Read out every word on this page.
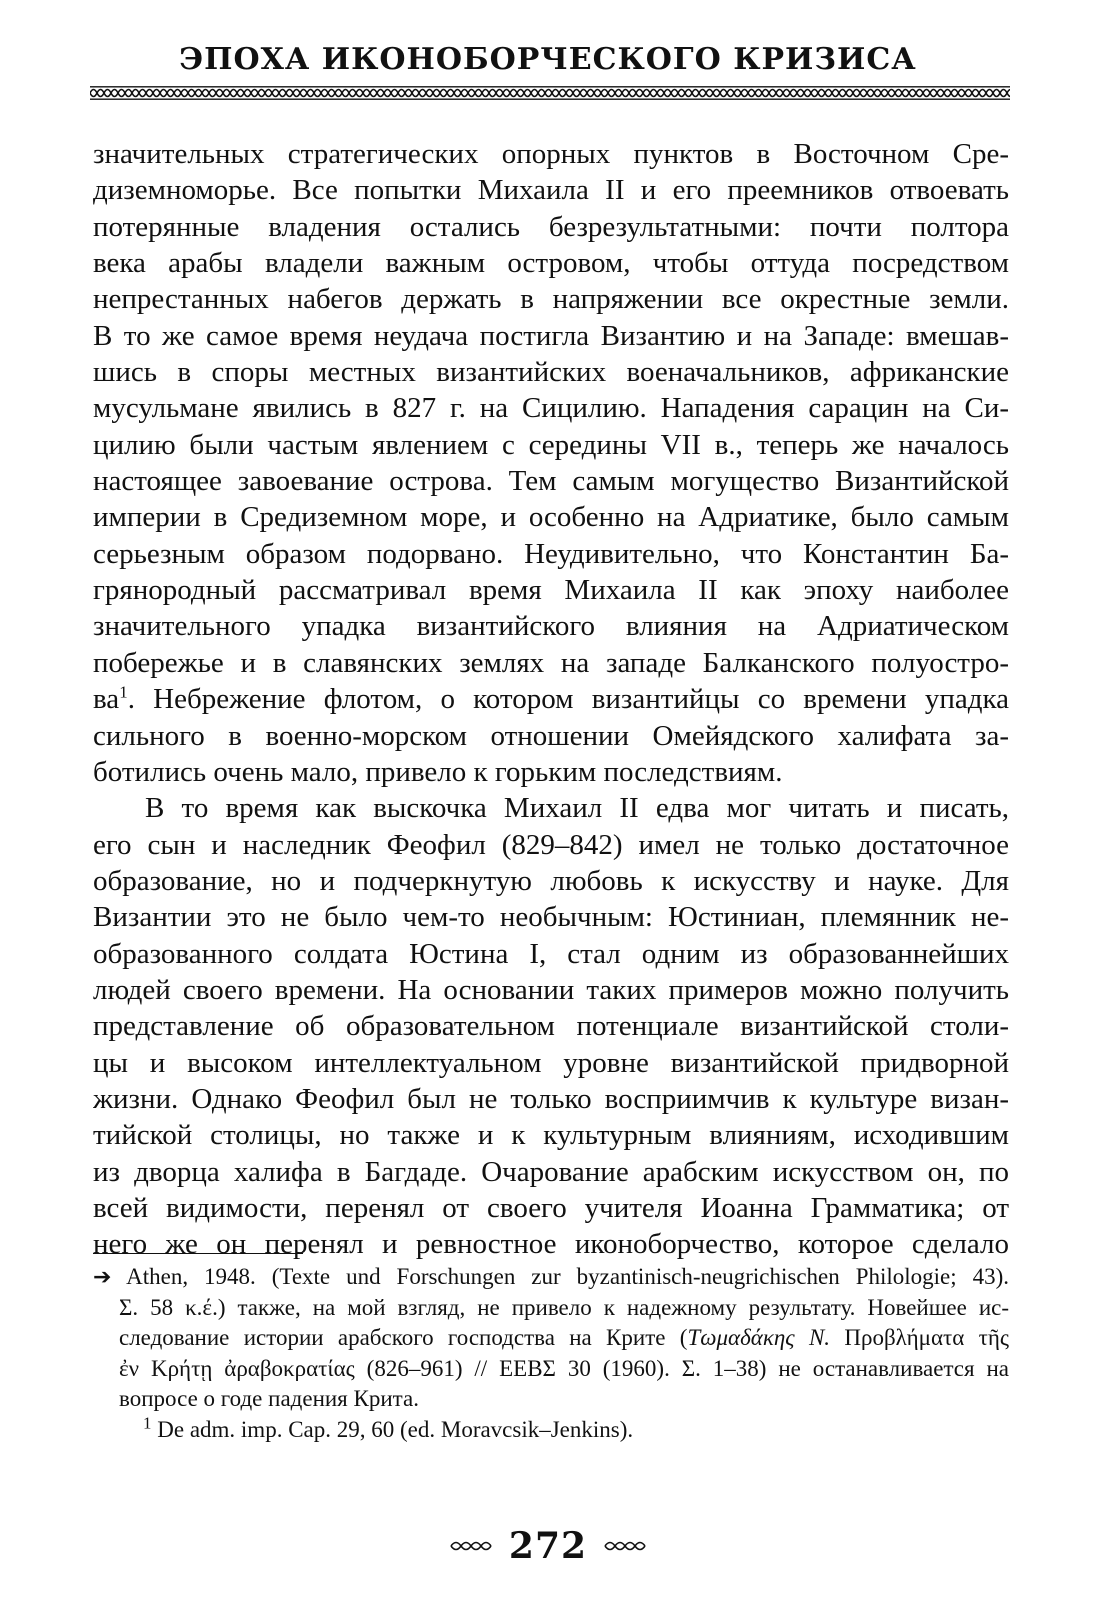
ЭПОХА ИКОНОБОРЧЕСКОГО КРИЗИСА
значительных стратегических опорных пунктов в Восточном Сре-
диземноморье. Все попытки Михаила II и его преемников отвоевать
потерянные владения остались безрезультатными: почти полтора
века арабы владели важным островом, чтобы оттуда посредством
непрестанных набегов держать в напряжении все окрестные земли.
В то же самое время неудача постигла Византию и на Западе: вмешав-
шись в споры местных византийских военачальников, африканские
мусульмане явились в 827 г. на Сицилию. Нападения сарацин на Си-
цилию были частым явлением с середины VII в., теперь же началось
настоящее завоевание острова. Тем самым могущество Византийской
империи в Средиземном море, и особенно на Адриатике, было самым
серьезным образом подорвано. Неудивительно, что Константин Ба-
грянородный рассматривал время Михаила II как эпоху наиболее
значительного упадка византийского влияния на Адриатическом
побережье и в славянских землях на западе Балканского полуостро-
$ва^1$. Небрежение флотом, о котором византийцы со времени упадка
сильного в военно-морском отношении Омейядского халифата за-
ботились очень мало, привело к горьким последствиям.
В то время как выскочка Михаил II едва мог читать и писать,
его сын и наследник Феофил (829–842) имел не только достаточное
образование, но и подчеркнутую любовь к искусству и науке. Для
Византии это не было чем-то необычным: Юстиниан, племянник не-
образованного солдата Юстина I, стал одним из образованнейших
людей своего времени. На основании таких примеров можно получить
представление об образовательном потенциале византийской столи-
цы и высоком интеллектуальном уровне византийской придворной
жизни. Однако Феофил был не только восприимчив к культуре визан-
тийской столицы, но также и к культурным влияниям, исходившим
из дворца халифа в Багдаде. Очарование арабским искусством он, по
всей видимости, перенял от своего учителя Иоанна Грамматика; от
него же он перенял и ревностное иконоборчество, которое сделало
➔ Athen, 1948. (Texte und Forschungen zur byzantinisch-neugrichischen Philologie; 43).
Σ. 58 κ.έ.) также, на мой взгляд, не привело к надежному результату. Новейшее ис-
следование истории арабского господства на Крите (Τωμαδάκης Ν. Προβλήματα τῆς
ἐν Κρήτῃ ἀραβοκρατίας (826–961) // ΕΕΒΣ 30 (1960). Σ. 1–38) не останавливается на
вопросе о годе падения Крита.
$^1$ De adm. imp. Cap. 29, 60 (ed. Moravcsik–Jenkins).
272
